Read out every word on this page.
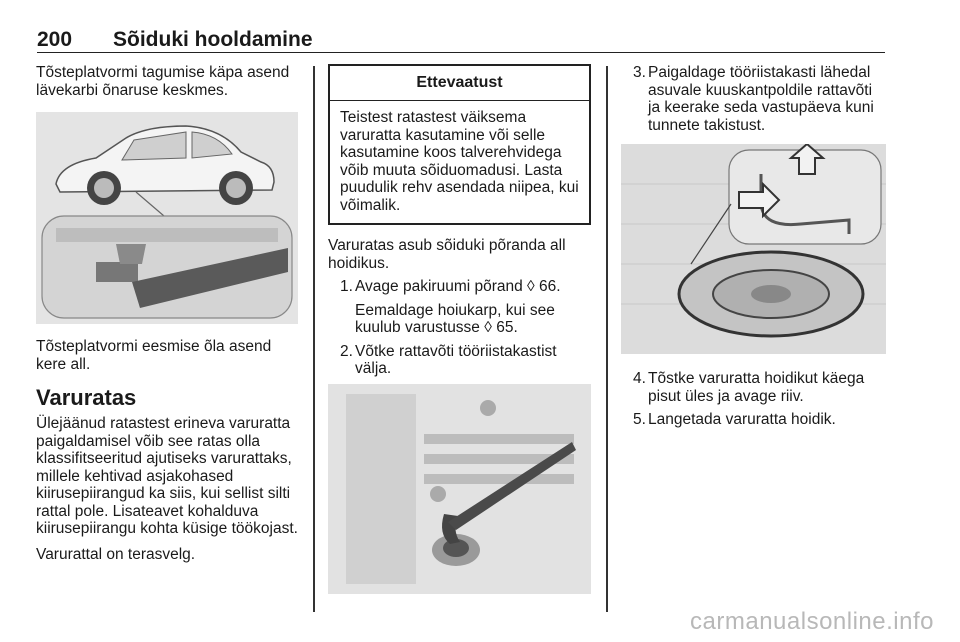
200 Sõiduki hooldamine

Tõsteplatvormi tagumise käpa asend lävekarbi õnaruse keskmes.

Tõsteplatvormi eesmise õla asend kere all.

Varuratas

Ülejäänud ratastest erineva varuratta paigaldamisel võib see ratas olla klassifitseeritud ajutiseks varurattaks, millele kehtivad asjakohased kiirusepiirangud ka siis, kui sellist silti rattal pole. Lisateavet kohalduva kiirusepiirangu kohta küsige töökojast.

Varurattal on terasvelg.

Ettevaatust
Teistest ratastest väiksema varuratta kasutamine või selle kasutamine koos talverehvidega võib muuta sõiduomadusi. Lasta puudulik rehv asendada niipea, kui võimalik.

Varuratas asub sõiduki põranda all hoidikus.

1. Avage pakiruumi põrand ◊ 66.
Eemaldage hoiukarp, kui see kuulub varustusse ◊ 65.
2. Võtke rattavõti tööriistakastist välja.
3. Paigaldage tööriistakasti lähedal asuvale kuuskantpoldile rattavõti ja keerake seda vastupäeva kuni tunnete takistust.
4. Tõstke varuratta hoidikut käega pisut üles ja avage riiv.
5. Langetada varuratta hoidik.
carmanualsonline.info
